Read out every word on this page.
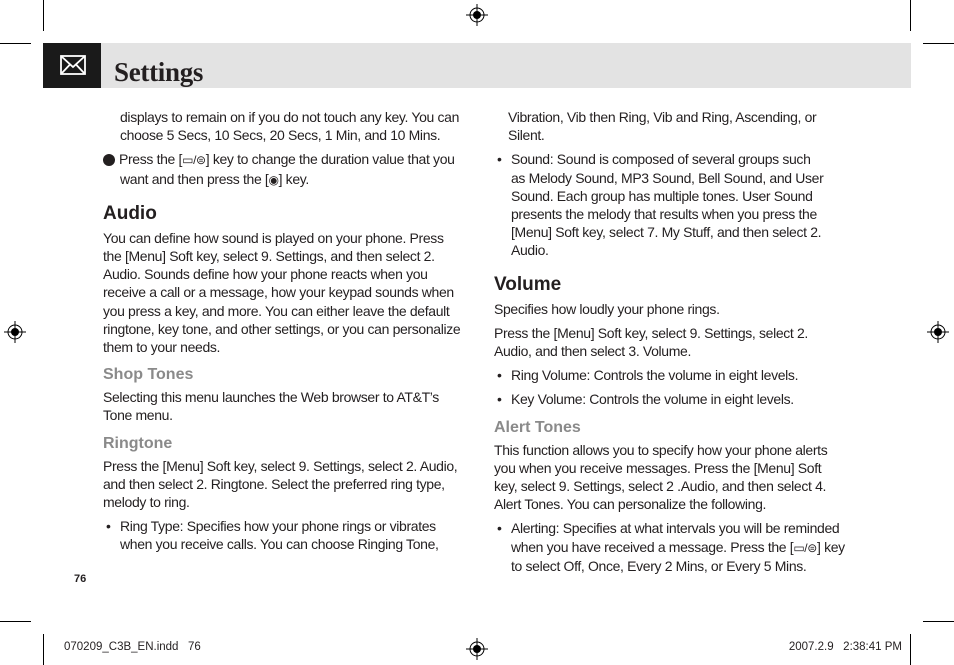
Settings

displays to remain on if you do not touch any key. You can choose 5 Secs, 10 Secs, 20 Secs, 1 Min, and 10 Mins.

3 Press the [▭/⊜] key to change the duration value that you want and then press the [◉] key.

Audio

You can define how sound is played on your phone. Press the [Menu] Soft key, select 9. Settings, and then select 2. Audio. Sounds define how your phone reacts when you receive a call or a message, how your keypad sounds when you press a key, and more. You can either leave the default ringtone, key tone, and other settings, or you can personalize them to your needs.

Shop Tones

Selecting this menu launches the Web browser to AT&T’s Tone menu.

Ringtone

Press the [Menu] Soft key, select 9. Settings, select 2. Audio, and then select 2. Ringtone. Select the preferred ring type, melody to ring.

• Ring Type: Specifies how your phone rings or vibrates when you receive calls. You can choose Ringing Tone,
76

Vibration, Vib then Ring, Vib and Ring, Ascending, or Silent.

• Sound: Sound is composed of several groups such as Melody Sound, MP3 Sound, Bell Sound, and User Sound. Each group has multiple tones. User Sound presents the melody that results when you press the [Menu] Soft key, select 7. My Stuff, and then select 2. Audio.
Volume

Specifies how loudly your phone rings.

Press the [Menu] Soft key, select 9. Settings, select 2. Audio, and then select 3. Volume.

• Ring Volume: Controls the volume in eight levels.
• Key Volume: Controls the volume in eight levels.
Alert Tones

This function allows you to specify how your phone alerts you when you receive messages. Press the [Menu] Soft key, select 9. Settings, select 2 .Audio, and then select 4. Alert Tones. You can personalize the following.

• Alerting: Specifies at what intervals you will be reminded when you have received a message. Press the [▭/⊜] key to select Off, Once, Every 2 Mins, or Every 5 Mins.
070209_C3B_EN.indd   76	2007.2.9   2:38:41 PM
